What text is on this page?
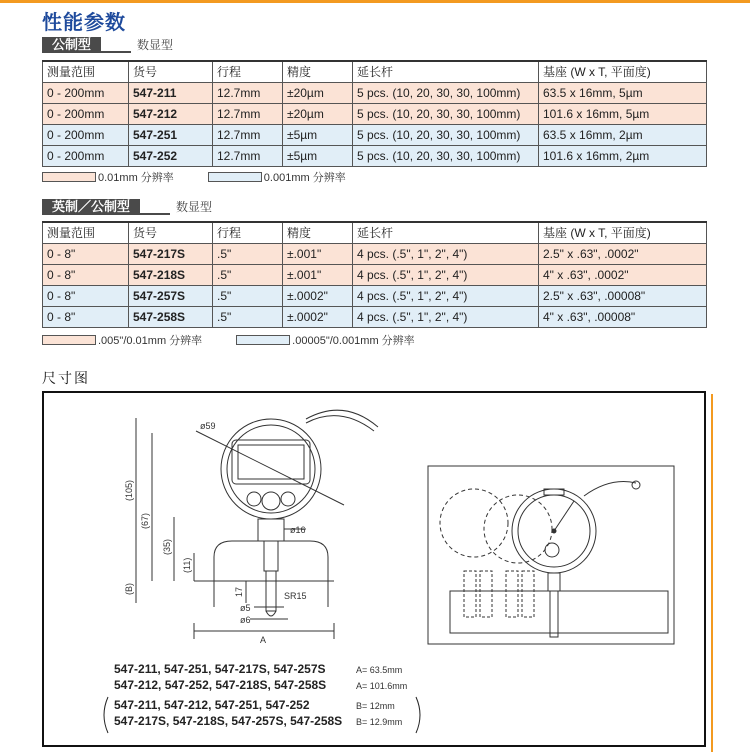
性能参数
公制型	数显型
测量范围	货号	行程	精度	延长杆	基座 (W x T, 平面度)
0 - 200mm	547-211	12.7mm	±20µm	5 pcs. (10, 20, 30, 30, 100mm)	63.5 x 16mm, 5µm
0 - 200mm	547-212	12.7mm	±20µm	5 pcs. (10, 20, 30, 30, 100mm)	101.6 x 16mm, 5µm
0 - 200mm	547-251	12.7mm	±5µm	5 pcs. (10, 20, 30, 30, 100mm)	63.5 x 16mm, 2µm
0 - 200mm	547-252	12.7mm	±5µm	5 pcs. (10, 20, 30, 30, 100mm)	101.6 x 16mm, 2µm
0.01mm 分辨率	0.001mm 分辨率
英制／公制型	数显型
测量范围	货号	行程	精度	延长杆	基座 (W x T, 平面度)
0 - 8"	547-217S	.5"	±.001"	4 pcs. (.5", 1", 2", 4")	2.5" x .63", .0002"
0 - 8"	547-218S	.5"	±.001"	4 pcs. (.5", 1", 2", 4")	4" x .63", .0002"
0 - 8"	547-257S	.5"	±.0002"	4 pcs. (.5", 1", 2", 4")	2.5" x .63", .00008"
0 - 8"	547-258S	.5"	±.0002"	4 pcs. (.5", 1", 2", 4")	4" x .63", .00008"
.005"/0.01mm 分辨率	.00005"/0.001mm 分辨率
尺寸图
ø59
ø16
SR15
ø5
ø6
A
(105)
(67)
(35)
(11)
(B)	17
547-211, 547-251, 547-217S, 547-257S
547-212, 547-252, 547-218S, 547-258S
547-211, 547-212, 547-251, 547-252
547-217S, 547-218S, 547-257S, 547-258S
A= 63.5mm
A= 101.6mm
B= 12mm
B= 12.9mm
